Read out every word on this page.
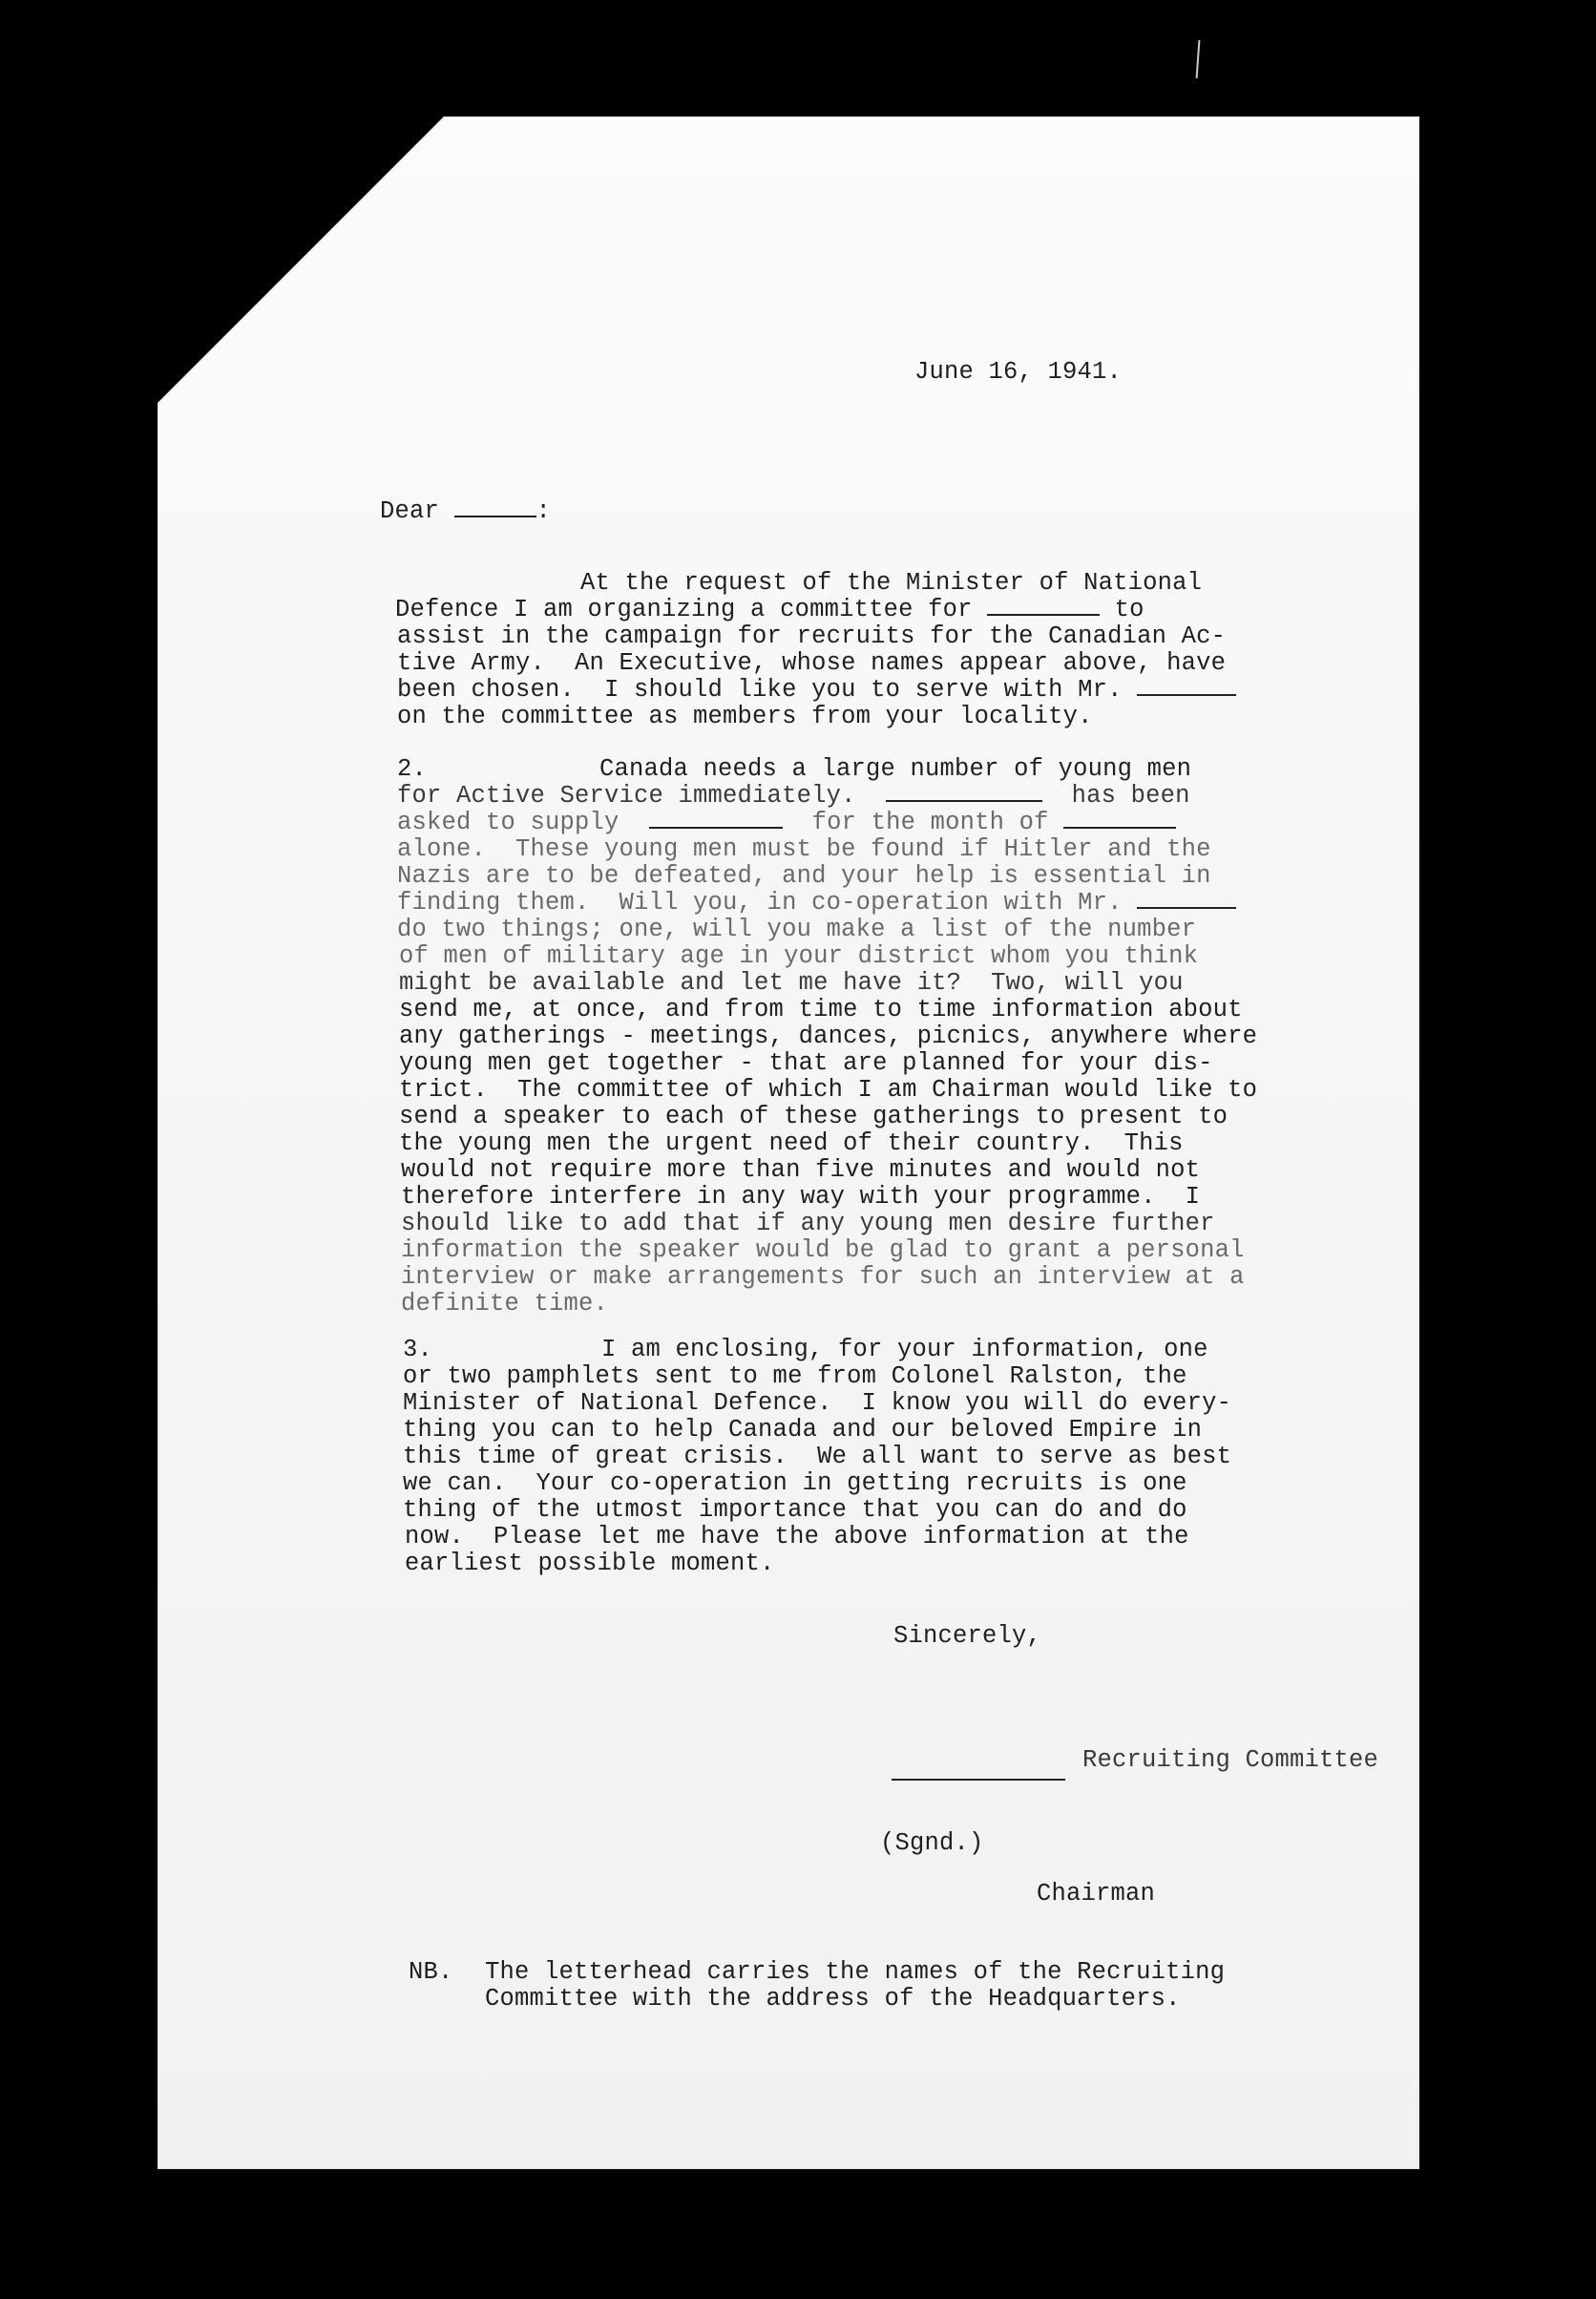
June 16, 1941.
Dear	:
At the request of the Minister of National
Defence I am organizing a committee for	to
assist in the campaign for recruits for the Canadian Ac-
tive Army.  An Executive, whose names appear above, have
been chosen.  I should like you to serve with Mr.
on the committee as members from your locality.
2.	Canada needs a large number of young men
for Active Service immediately.	has been
asked to supply	for the month of
alone.  These young men must be found if Hitler and the
Nazis are to be defeated, and your help is essential in
finding them.  Will you, in co-operation with Mr.
do two things; one, will you make a list of the number
of men of military age in your district whom you think
might be available and let me have it?  Two, will you
send me, at once, and from time to time information about
any gatherings - meetings, dances, picnics, anywhere where
young men get together - that are planned for your dis-
trict.  The committee of which I am Chairman would like to
send a speaker to each of these gatherings to present to
the young men the urgent need of their country.  This
would not require more than five minutes and would not
therefore interfere in any way with your programme.  I
should like to add that if any young men desire further
information the speaker would be glad to grant a personal
interview or make arrangements for such an interview at a
definite time.
3.	I am enclosing, for your information, one
or two pamphlets sent to me from Colonel Ralston, the
Minister of National Defence.  I know you will do every-
thing you can to help Canada and our beloved Empire in
this time of great crisis.  We all want to serve as best
we can.  Your co-operation in getting recruits is one
thing of the utmost importance that you can do and do
now.  Please let me have the above information at the
earliest possible moment.
Sincerely,
Recruiting Committee
(Sgnd.)
Chairman
NB. The letterhead carries the names of the Recruiting
Committee with the address of the Headquarters.
